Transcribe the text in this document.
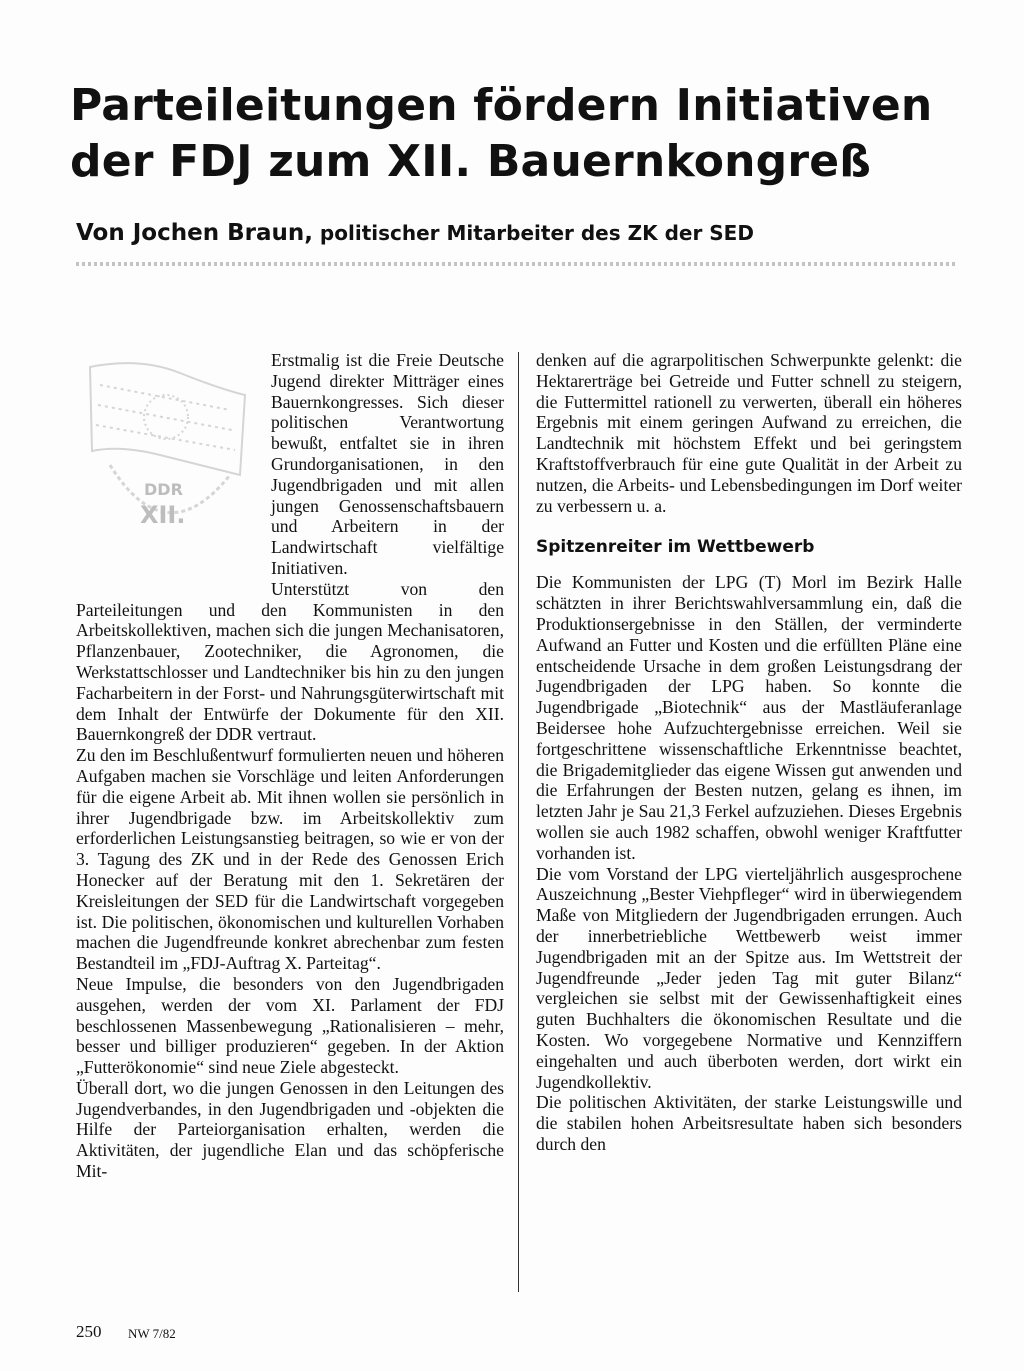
Parteileitungen fördern Initiativen
der FDJ zum XII. Bauernkongreß

Von Jochen Braun, politischer Mitarbeiter des ZK der SED

DDR
XII.

Erstmalig ist die Freie Deutsche Jugend direkter Mitträger eines Bauernkongresses. Sich dieser politischen Verantwortung bewußt, entfaltet sie in ihren Grundorganisationen, in den Jugendbrigaden und mit allen jungen Genossenschaftsbauern und Arbeitern in der Landwirtschaft vielfältige Initiativen.

Unterstützt von den Parteileitungen und den Kommunisten in den Arbeitskollektiven, machen sich die jungen Mechanisatoren, Pflanzenbauer, Zootechniker, die Agronomen, die Werkstattschlosser und Landtechniker bis hin zu den jungen Facharbeitern in der Forst- und Nahrungsgüterwirtschaft mit dem Inhalt der Entwürfe der Dokumente für den XII. Bauernkongreß der DDR vertraut.

Zu den im Beschlußentwurf formulierten neuen und höheren Aufgaben machen sie Vorschläge und leiten Anforderungen für die eigene Arbeit ab. Mit ihnen wollen sie persönlich in ihrer Jugendbrigade bzw. im Arbeitskollektiv zum erforderlichen Leistungsanstieg beitragen, so wie er von der 3. Tagung des ZK und in der Rede des Genossen Erich Honecker auf der Beratung mit den 1. Sekretären der Kreisleitungen der SED für die Landwirtschaft vorgegeben ist. Die politischen, ökonomischen und kulturellen Vorhaben machen die Jugendfreunde konkret abrechenbar zum festen Bestandteil im „FDJ-Auftrag X. Parteitag“.

Neue Impulse, die besonders von den Jugendbrigaden ausgehen, werden der vom XI. Parlament der FDJ beschlossenen Massenbewegung „Rationalisieren – mehr, besser und billiger produzieren“ gegeben. In der Aktion „Futterökonomie“ sind neue Ziele abgesteckt.

Überall dort, wo die jungen Genossen in den Leitungen des Jugendverbandes, in den Jugendbrigaden und -objekten die Hilfe der Parteiorganisation erhalten, werden die Aktivitäten, der jugendliche Elan und das schöpferische Mit-

denken auf die agrarpolitischen Schwerpunkte gelenkt: die Hektarerträge bei Getreide und Futter schnell zu steigern, die Futtermittel rationell zu verwerten, überall ein höheres Ergebnis mit einem geringen Aufwand zu erreichen, die Landtechnik mit höchstem Effekt und bei geringstem Kraftstoffverbrauch für eine gute Qualität in der Arbeit zu nutzen, die Arbeits- und Lebensbedingungen im Dorf weiter zu verbessern u. a.

Spitzenreiter im Wettbewerb

Die Kommunisten der LPG (T) Morl im Bezirk Halle schätzten in ihrer Berichtswahlversammlung ein, daß die Produktionsergebnisse in den Ställen, der verminderte Aufwand an Futter und Kosten und die erfüllten Pläne eine entscheidende Ursache in dem großen Leistungsdrang der Jugendbrigaden der LPG haben. So konnte die Jugendbrigade „Biotechnik“ aus der Mastläuferanlage Beidersee hohe Aufzuchtergebnisse erreichen. Weil sie fortgeschrittene wissenschaftliche Erkenntnisse beachtet, die Brigademitglieder das eigene Wissen gut anwenden und die Erfahrungen der Besten nutzen, gelang es ihnen, im letzten Jahr je Sau 21,3 Ferkel aufzuziehen. Dieses Ergebnis wollen sie auch 1982 schaffen, obwohl weniger Kraftfutter vorhanden ist.

Die vom Vorstand der LPG vierteljährlich ausgesprochene Auszeichnung „Bester Viehpfleger“ wird in überwiegendem Maße von Mitgliedern der Jugendbrigaden errungen. Auch der innerbetriebliche Wettbewerb weist immer Jugendbrigaden mit an der Spitze aus. Im Wettstreit der Jugendfreunde „Jeder jeden Tag mit guter Bilanz“ vergleichen sie selbst mit der Gewissenhaftigkeit eines guten Buchhalters die ökonomischen Resultate und die Kosten. Wo vorgegebene Normative und Kennziffern eingehalten und auch überboten werden, dort wirkt ein Jugendkollektiv.

Die politischen Aktivitäten, der starke Leistungswille und die stabilen hohen Arbeitsresultate haben sich besonders durch den

250 NW 7/82
